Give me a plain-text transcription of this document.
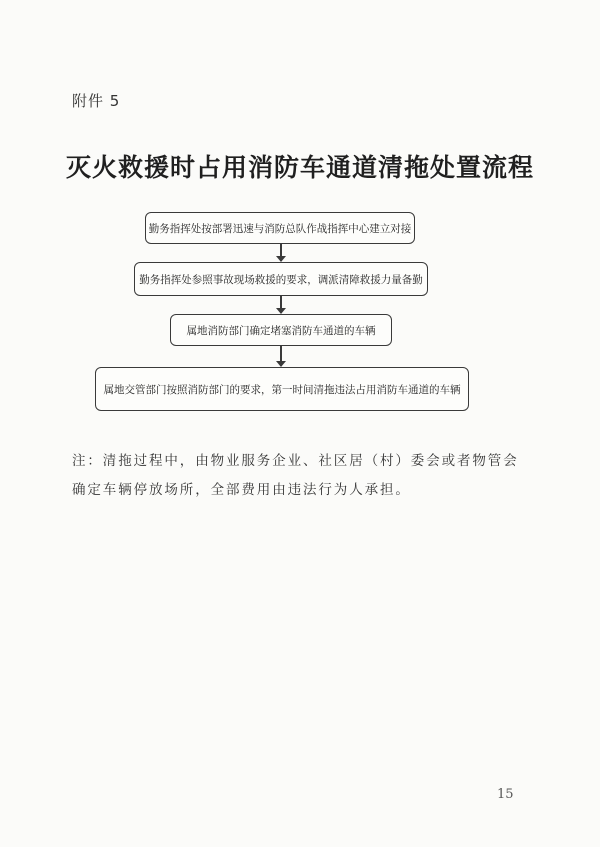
附件 5
灭火救援时占用消防车通道清拖处置流程
勤务指挥处按部署迅速与消防总队作战指挥中心建立对接
勤务指挥处参照事故现场救援的要求，调派清障救援力量备勤
属地消防部门确定堵塞消防车通道的车辆
属地交管部门按照消防部门的要求，第一时间清拖违法占用消防车通道的车辆
注：清拖过程中，由物业服务企业、社区居（村）委会或者物管会确定车辆停放场所，全部费用由违法行为人承担。
15
